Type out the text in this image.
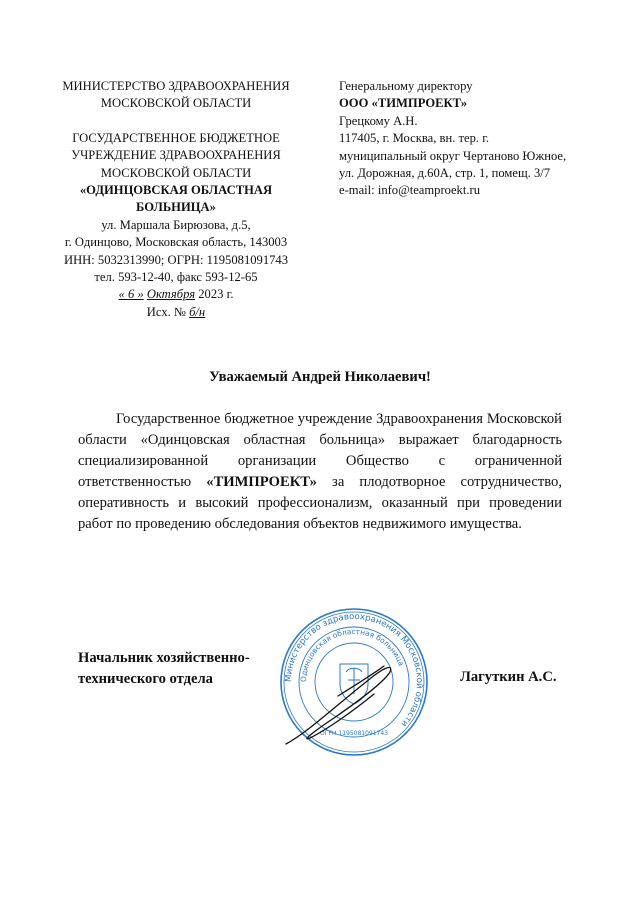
МИНИСТЕРСТВО ЗДРАВООХРАНЕНИЯ
МОСКОВСКОЙ ОБЛАСТИ
ГОСУДАРСТВЕННОЕ БЮДЖЕТНОЕ
УЧРЕЖДЕНИЕ ЗДРАВООХРАНЕНИЯ
МОСКОВСКОЙ ОБЛАСТИ
«ОДИНЦОВСКАЯ ОБЛАСТНАЯ
БОЛЬНИЦА»
ул. Маршала Бирюзова, д.5,
г. Одинцово, Московская область, 143003
ИНН: 5032313990; ОГРН: 1195081091743
тел. 593-12-40, факс 593-12-65
« 6 » Октября 2023 г.
Исх. № б/н
Генеральному директору
ООО «ТИМПРОЕКТ»
Грецкому А.Н.
117405, г. Москва, вн. тер. г.
муниципальный округ Чертаново Южное,
ул. Дорожная, д.60А, стр. 1, помещ. 3/7
e-mail: info@teamproekt.ru
Уважаемый Андрей Николаевич!
Государственное бюджетное учреждение Здравоохранения Московской области «Одинцовская областная больница» выражает благодарность специализированной организации Общество с ограниченной ответственностью «ТИМПРОЕКТ» за плодотворное сотрудничество, оперативность и высокий профессионализм, оказанный при проведении работ по проведению обследования объектов недвижимого имущества.
Начальник хозяйственно-
технического отдела	Лагуткин А.С.
Министерство здравоохранения Московской области
Одинцовская областная больница
ОГРН 1195081091743
